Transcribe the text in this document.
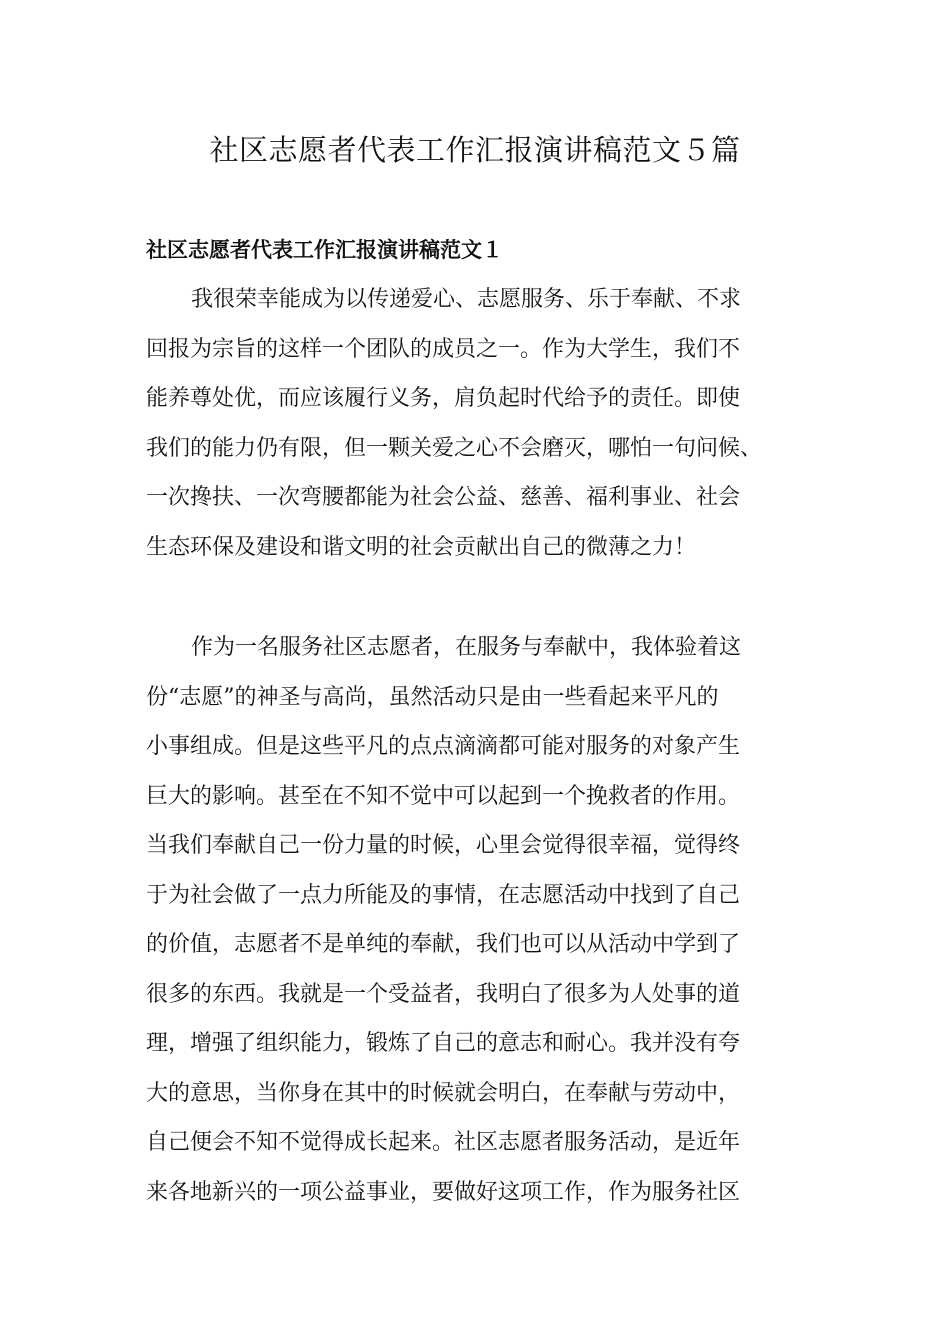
社区志愿者代表工作汇报演讲稿范文５篇
社区志愿者代表工作汇报演讲稿范文１
我很荣幸能成为以传递爱心、志愿服务、乐于奉献、不求
回报为宗旨的这样一个团队的成员之一。作为大学生，我们不
能养尊处优，而应该履行义务，肩负起时代给予的责任。即使
我们的能力仍有限，但一颗关爱之心不会磨灭，哪怕一句问候、
一次搀扶、一次弯腰都能为社会公益、慈善、福利事业、社会
生态环保及建设和谐文明的社会贡献出自己的微薄之力！
作为一名服务社区志愿者，在服务与奉献中，我体验着这
份“志愿”的神圣与高尚，虽然活动只是由一些看起来平凡的
小事组成。但是这些平凡的点点滴滴都可能对服务的对象产生
巨大的影响。甚至在不知不觉中可以起到一个挽救者的作用。
当我们奉献自己一份力量的时候，心里会觉得很幸福，觉得终
于为社会做了一点力所能及的事情，在志愿活动中找到了自己
的价值，志愿者不是单纯的奉献，我们也可以从活动中学到了
很多的东西。我就是一个受益者，我明白了很多为人处事的道
理，增强了组织能力，锻炼了自己的意志和耐心。我并没有夸
大的意思，当你身在其中的时候就会明白，在奉献与劳动中，
自己便会不知不觉得成长起来。社区志愿者服务活动，是近年
来各地新兴的一项公益事业，要做好这项工作，作为服务社区
